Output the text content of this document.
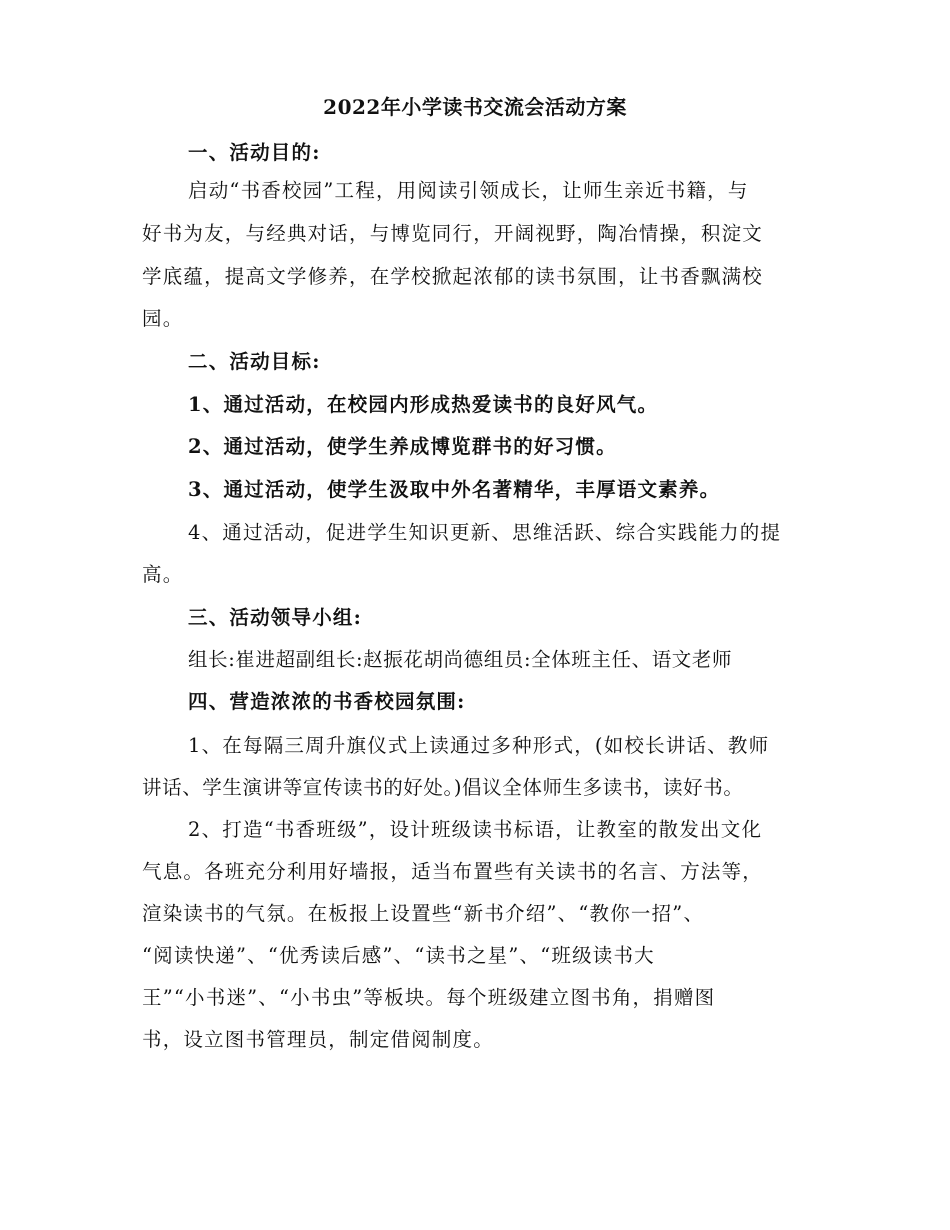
2022年小学读书交流会活动方案
一、活动目的:
启动“书香校园”工程，用阅读引领成长，让师生亲近书籍，与
好书为友，与经典对话，与博览同行，开阔视野，陶冶情操，积淀文
学底蕴，提高文学修养，在学校掀起浓郁的读书氛围，让书香飘满校
园。
二、活动目标:
1、通过活动，在校园内形成热爱读书的良好风气。
2、通过活动，使学生养成博览群书的好习惯。
3、通过活动，使学生汲取中外名著精华，丰厚语文素养。
4、通过活动，促进学生知识更新、思维活跃、综合实践能力的提
高。
三、活动领导小组:
组长:崔进超副组长:赵振花胡尚德组员:全体班主任、语文老师
四、营造浓浓的书香校园氛围:
1、在每隔三周升旗仪式上读通过多种形式，(如校长讲话、教师
讲话、学生演讲等宣传读书的好处。)倡议全体师生多读书，读好书。
2、打造“书香班级”，设计班级读书标语，让教室的散发出文化
气息。各班充分利用好墙报，适当布置些有关读书的名言、方法等，
渲染读书的气氛。在板报上设置些“新书介绍”、“教你一招”、
“阅读快递”、“优秀读后感”、“读书之星”、“班级读书大
王”“小书迷”、“小书虫”等板块。每个班级建立图书角，捐赠图
书，设立图书管理员，制定借阅制度。
